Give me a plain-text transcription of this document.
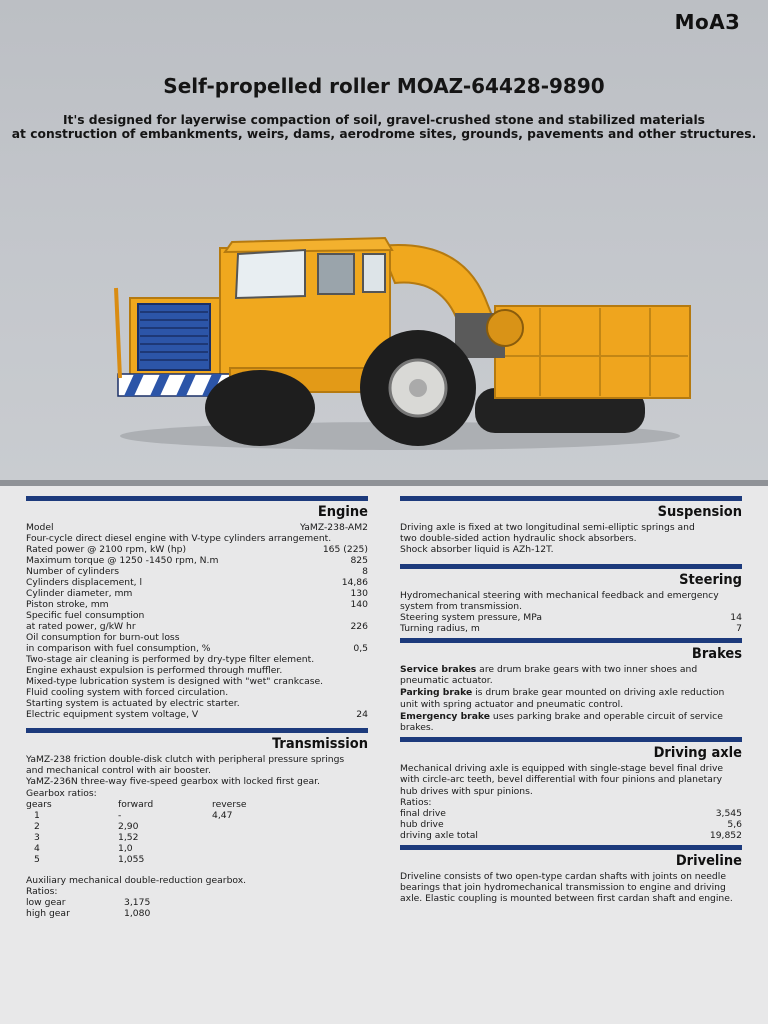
МоАЗ
Self-propelled roller MOAZ-64428-9890
It's designed for layerwise compaction of soil, gravel-crushed stone and stabilized materials
at construction of embankments, weirs, dams, aerodrome sites, grounds, pavements and other structures.
Engine
Model	YaMZ-238-AM2
Four-cycle direct diesel engine with V-type cylinders arrangement.
Rated power @ 2100 rpm, kW (hp)	165 (225)
Maximum torque @ 1250 -1450 rpm, N.m	825
Number of cylinders	8
Cylinders displacement, l	14,86
Cylinder diameter, mm	130
Piston stroke, mm	140
Specific fuel consumption
at rated power, g/kW hr	226
Oil consumption for burn-out loss
in comparison with fuel consumption, %	0,5
Two-stage air cleaning is performed by dry-type filter element.
Engine exhaust expulsion is performed through muffler.
Mixed-type lubrication system is designed with "wet" crankcase.
Fluid cooling system with forced circulation.
Starting system is actuated by electric starter.
Electric equipment system voltage, V	24
Transmission

YaMZ-238 friction double-disk clutch with peripheral pressure springs

and mechanical control with air booster.

YaMZ-236N three-way five-speed gearbox with locked first gear.

Gearbox ratios:

gears	forward	reverse
1	-	4,47
2	2,90
3	1,52
4	1,0
5	1,055

Auxiliary mechanical double-reduction gearbox.

Ratios:

low gear	3,175
high gear	1,080
Suspension

Driving axle is fixed at two longitudinal semi-elliptic springs and

two double-sided action hydraulic shock absorbers.

Shock absorber liquid is AZh-12T.

Steering

Hydromechanical steering with mechanical feedback and emergency

system from transmission.

Steering system pressure, MPa	14
Turning radius, m	7
Brakes

Service brakes are drum brake gears with two inner shoes and pneumatic actuator.

Parking brake is drum brake gear mounted on driving axle reduction unit with spring actuator and pneumatic control.

Emergency brake uses parking brake and operable circuit of service brakes.

Driving axle

Mechanical driving axle is equipped with single-stage bevel final drive

with circle-arc teeth, bevel differential with four pinions and planetary

hub drives with spur pinions.

Ratios:

final drive	3,545
hub drive	5,6
driving axle total	19,852
Driveline

Driveline consists of two open-type cardan shafts with joints on needle

bearings that join hydromechanical transmission to engine and driving

axle. Elastic coupling is mounted between first cardan shaft and engine.
